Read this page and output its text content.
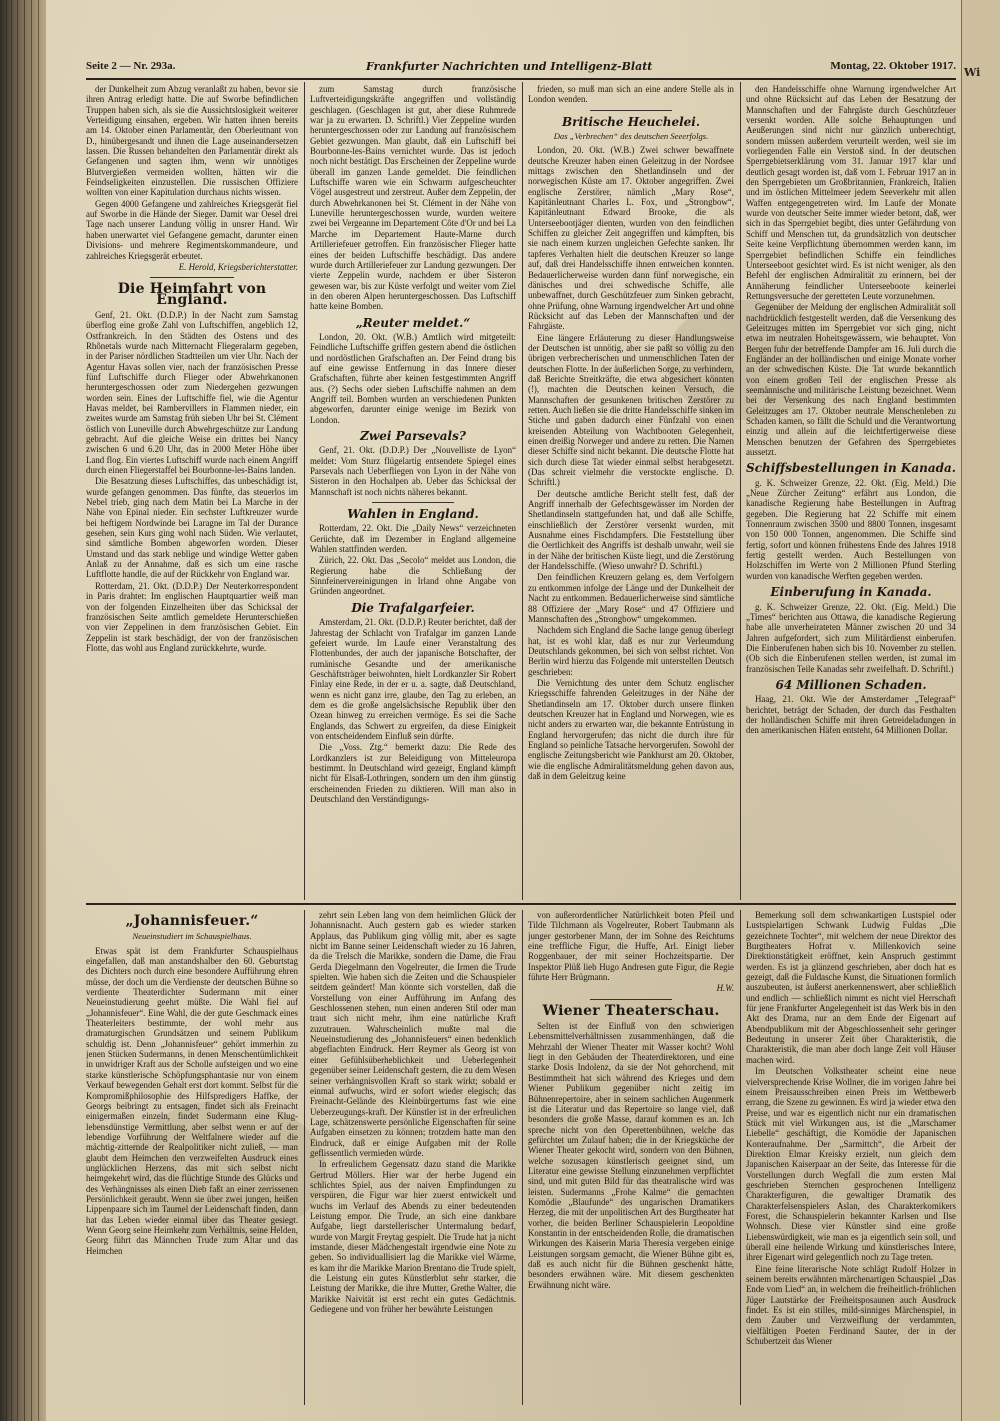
Seite 2 — Nr. 293a.	Frankfurter Nachrichten und Intelligenz-Blatt	Montag, 22. Oktober 1917.

der Dunkelheit zum Abzug veranlaßt zu haben, bevor sie ihren Antrag erledigt hatte. Die auf Sworbe befindlichen Truppen haben sich, als sie die Aussichtslosigkeit weiterer Verteidigung einsahen, ergeben. Wir hatten ihnen bereits am 14. Oktober einen Parlamentär, den Oberleutnant von D., hinübergesandt und ihnen die Lage auseinandersetzen lassen. Die Russen behandelten den Parlamentär direkt als Gefangenen und sagten ihm, wenn wir unnötiges Blutvergießen vermeiden wollten, hätten wir die Feindseligkeiten einzustellen. Die russischen Offiziere wollten von einer Kapitulation durchaus nichts wissen.

Gegen 4000 Gefangene und zahlreiches Kriegsgerät fiel auf Sworbe in die Hände der Sieger. Damit war Oesel drei Tage nach unserer Landung völlig in unsrer Hand. Wir haben unerwartet viel Gefangene gemacht, darunter einen Divisions- und mehrere Regimentskommandeure, und zahlreiches Kriegsgerät erbeutet.

E. Herold, Kriegsberichterstatter.

Die Heimfahrt von England.

Genf, 21. Okt. (D.D.P.) In der Nacht zum Samstag überflog eine große Zahl von Luftschiffen, angeblich 12, Ostfrankreich. In den Städten des Ostens und des Rhônetals wurde nach Mitternacht Fliegeralarm gegeben, in der Pariser nördlichen Stadtteilen um vier Uhr. Nach der Agentur Havas sollen vier, nach der französischen Presse fünf Luftschiffe durch Flieger oder Abwehrkanonen heruntergeschossen oder zum Niedergehen gezwungen worden sein. Eines der Luftschiffe fiel, wie die Agentur Havas meldet, bei Rambervillers in Flammen nieder, ein zweites wurde am Samstag früh sieben Uhr bei St. Clément östlich von Luneville durch Abwehrgeschütze zur Landung gebracht. Auf die gleiche Weise ein drittes bei Nancy zwischen 6 und 6.20 Uhr, das in 2000 Meter Höhe über Land flog. Ein viertes Luftschiff wurde nach einem Angriff durch einen Fliegerstaffel bei Bourbonne-les-Bains landen.

Die Besatzung dieses Luftschiffes, das unbeschädigt ist, wurde gefangen genommen. Das fünfte, das steuerlos im Nebel trieb, ging nach dem Matin bei La Marche in der Nähe von Epinal nieder. Ein sechster Luftkreuzer wurde bei heftigem Nordwinde bei Laragne im Tal der Durance gesehen, sein Kurs ging wohl nach Süden. Wie verlautet, sind sämtliche Bomben abgeworfen worden. Dieser Umstand und das stark neblige und windige Wetter gaben Anlaß zu der Annahme, daß es sich um eine rasche Luftflotte handle, die auf der Rückkehr von England war.

Rotterdam, 21. Okt. (D.D.P.) Der Neuterkorrespondent in Paris drahtet: Im englischen Hauptquartier weiß man von der folgenden Einzelheiten über das Schicksal der französischen Seite amtlich gemeldete Herunterschießen von vier Zeppelinen in dem französischen Gebiet. Ein Zeppelin ist stark beschädigt, der von der französischen Flotte, das wohl aus England zurückkehrte, wurde.

zum Samstag durch französische Luftverteidigungskräfte angegriffen und vollständig geschlagen. (Geschlagen ist gut, aber diese Ruhmrede war ja zu erwarten. D. Schriftl.) Vier Zeppeline wurden heruntergeschossen oder zur Landung auf französischem Gebiet gezwungen. Man glaubt, daß ein Luftschiff bei Bourbonne-les-Bains vernichtet wurde. Das ist jedoch noch nicht bestätigt. Das Erscheinen der Zeppeline wurde überall im ganzen Lande gemeldet. Die feindlichen Luftschiffe waren wie ein Schwarm aufgescheuchter Vögel ausgestreut und zerstreut. Außer dem Zeppelin, der durch Abwehrkanonen bei St. Clément in der Nähe von Luneville heruntergeschossen wurde, wurden weitere zwei bei Vergeanne im Departement Côte d'Or und bei La Marche im Departement Haute-Marne durch Artilleriefeuer getroffen. Ein französischer Flieger hatte eines der beiden Luftschiffe beschädigt. Das andere wurde durch Artilleriefeuer zur Landung gezwungen. Der vierte Zeppelin wurde, nachdem er über Sisteron gewesen war, bis zur Küste verfolgt und weiter vom Ziel in den oberen Alpen heruntergeschossen. Das Luftschiff hatte keine Bomben.

„Reuter meldet.“

London, 20. Okt. (W.B.) Amtlich wird mitgeteilt: Feindliche Luftschiffe griffen gestern abend die östlichen und nordöstlichen Grafschaften an. Der Feind drang bis auf eine gewisse Entfernung in das Innere dieser Grafschaften, führte aber keinen festgestimmten Angriff aus. (?) Sechs oder sieben Luftschiffe nahmen an dem Angriff teil. Bomben wurden an verschiedenen Punkten abgeworfen, darunter einige wenige im Bezirk von London.

Zwei Parsevals?

Genf, 21. Okt. (D.D.P.) Der „Nouvelliste de Lyon“ meldet: Vom Sturz flügelartig entsendete Spiegel eines Parsevals nach Ueberfliegen von Lyon in der Nähe von Sisteron in den Hochalpen ab. Ueber das Schicksal der Mannschaft ist noch nichts näheres bekannt.

Wahlen in England.

Rotterdam, 22. Okt. Die „Daily News“ verzeichneten Gerüchte, daß im Dezember in England allgemeine Wahlen stattfinden werden.

Zürich, 22. Okt. Das „Secolo“ meldet aus London, die Regierung habe die Schließung der Sinnfeinervereinigungen in Irland ohne Angabe von Gründen angeordnet.

Die Trafalgarfeier.

Amsterdam, 21. Okt. (D.D.P.) Reuter berichtet, daß der Jahrestag der Schlacht von Trafalgar im ganzen Lande gefeiert wurde. Im Laufe einer Veranstaltung des Flottenbundes, der auch der japanische Botschafter, der rumänische Gesandte und der amerikanische Geschäftsträger beiwohnten, hielt Lordkanzler Sir Robert Finlay eine Rede, in der er u. a. sagte, daß Deutschland, wenn es nicht ganz irre, glaube, den Tag zu erleben, an dem es die große angelsächsische Republik über den Ozean hinweg zu erreichen vermöge. Es sei die Sache Englands, das Schwert zu ergreifen, da diese Einigkeit von entscheidendem Einfluß sein dürfte.

Die „Voss. Ztg.“ bemerkt dazu: Die Rede des Lordkanzlers ist zur Beleidigung von Mitteleuropa bestimmt. In Deutschland wird gezeigt, England kämpft nicht für Elsaß-Lothringen, sondern um den ihm günstig erscheinenden Frieden zu diktieren. Will man also in Deutschland den Verständigungs-

frieden, so muß man sich an eine andere Stelle als in London wenden.

Britische Heuchelei.

Das „Verbrechen“ des deutschen Seeerfolgs.

London, 20. Okt. (W.B.) Zwei schwer bewaffnete deutsche Kreuzer haben einen Geleitzug in der Nordsee mittags zwischen den Shetlandinseln und der norwegischen Küste am 17. Oktober angegriffen. Zwei englische Zerstörer, nämlich „Mary Rose“, Kapitänleutnant Charles L. Fox, und „Strongbow“, Kapitänleutnant Edward Brooke, die als Unterseebootjäger dienten, wurden von den feindlichen Schiffen zu gleicher Zeit angegriffen und kämpften, bis sie nach einem kurzen ungleichen Gefechte sanken. Ihr tapferes Verhalten hielt die deutschen Kreuzer so lange auf, daß drei Handelsschiffe ihnen entweichen konnten. Bedauerlicherweise wurden dann fünf norwegische, ein dänisches und drei schwedische Schiffe, alle unbewaffnet, durch Geschützfeuer zum Sinken gebracht, ohne Prüfung, ohne Warnung irgendwelcher Art und ohne Rücksicht auf das Leben der Mannschaften und der Fahrgäste.

Eine längere Erläuterung zu dieser Handlungsweise der Deutschen ist unnötig, aber sie paßt so völlig zu den übrigen verbrecherischen und unmenschlichen Taten der deutschen Flotte. In der äußerlichen Sorge, zu verhindern, daß Berichte Streitkräfte, die etwa abgesichert könnten (!), machten die Deutschen keinen Versuch, die Mannschaften der gesunkenen britischen Zerstörer zu retten. Auch ließen sie die dritte Handelsschiffe sinken im Stiche und gaben dadurch einer Fünfzahl von einen kreisenden Abteilung von Wachtbooten Gelegenheit, einen dreißig Norweger und andere zu retten. Die Namen dieser Schiffe sind nicht bekannt. Die deutsche Flotte hat sich durch diese Tat wieder einmal selbst herabgesetzt. (Das schreit vielmehr die verstockte englische. D. Schriftl.)

Der deutsche amtliche Bericht stellt fest, daß der Angriff innerhalb der Gefechtsgewässer im Norden der Shetlandinseln stattgefunden hat, und daß alle Schiffe, einschließlich der Zerstörer versenkt wurden, mit Ausnahme eines Fischdampfers. Die Feststellung über die Oertlichkeit des Angriffs ist deshalb unwahr, weil sie in der Nähe der britischen Küste liegt, und die Zerstörung der Handelsschiffe. (Wieso unwahr? D. Schriftl.)

Den feindlichen Kreuzern gelang es, dem Verfolgern zu entkommen infolge der Länge und der Dunkelheit der Nacht zu entkommen. Bedauerlicherweise sind sämtliche 88 Offiziere der „Mary Rose“ und 47 Offiziere und Mannschaften des „Strongbow“ umgekommen.

Nachdem sich England die Sache lange genug überlegt hat, ist es wohl klar, daß es nur zur Verleumdung Deutschlands gekommen, bei sich von selbst richtet. Von Berlin wird hierzu das Folgende mit unterstellen Deutsch geschrieben:

Die Vernichtung des unter dem Schutz englischer Kriegsschiffe fahrenden Geleitzuges in der Nähe der Shetlandinseln am 17. Oktober durch unsere flinken deutschen Kreuzer hat in England und Norwegen, wie es nicht anders zu erwarten war, die bekannte Entrüstung in England hervorgerufen; das nicht die durch ihre für England so peinliche Tatsache hervorgerufen. Sowohl der englische Zeitungsbericht wie Pankhurst am 20. Oktober, wie die englische Admiralitätsmeldung gehen davon aus, daß in dem Geleitzug keine

den Handelsschiffe ohne Warnung irgendwelcher Art und ohne Rücksicht auf das Leben der Besatzung der Mannschaften und der Fahrgäste durch Geschützfeuer versenkt worden. Alle solche Behauptungen und Aeußerungen sind nicht nur gänzlich unberechtigt, sondern müssen außerdem verurteilt werden, weil sie im vorliegenden Falle ein Verstoß sind. In der deutschen Sperrgebietserklärung vom 31. Januar 1917 klar und deutlich gesagt worden ist, daß vom 1. Februar 1917 an in den Sperrgebieten um Großbritannien, Frankreich, Italien und im östlichen Mittelmeer jedem Seeverkehr mit allen Waffen entgegengetreten wird. Im Laufe der Monate wurde von deutscher Seite immer wieder betont, daß, wer sich in das Sperrgebiet begibt, dies unter Gefährdung von Schiff und Menschen tut, da grundsätzlich von deutscher Seite keine Verpflichtung übernommen werden kann, im Sperrgebiet befindlichen Schiffe ein feindliches Unterseeboot gesichtet wird. Es ist nicht weniger, als den Befehl der englischen Admiralität zu erinnern, bei der Annäherung feindlicher Unterseeboote keinerlei Rettungsversuche der geretteten Leute vorzunehmen.

Gegenüber der Meldung der englischen Admiralität soll nachdrücklich festgestellt werden, daß die Versenkung des Geleitzuges mitten im Sperrgebiet vor sich ging, nicht etwa im neutralen Hoheitsgewässern, wie behauptet. Von Bergen fuhr der betreffende Dampfer am 16. Juli durch die Engländer an der holländischen und einige Monate vorher an der schwedischen Küste. Die Tat wurde bekanntlich von einem großen Teil der englischen Presse als seemännische und militärische Leistung bezeichnet. Wenn bei der Versenkung des nach England bestimmten Geleitzuges am 17. Oktober neutrale Menschenleben zu Schaden kamen, so fällt die Schuld und die Verantwortung einzig und allein auf die leichtfertigerweise diese Menschen benutzen der Gefahren des Sperrgebietes aussetzt.

Schiffsbestellungen in Kanada.

g. K. Schweizer Grenze, 22. Okt. (Eig. Meld.) Die „Neue Zürcher Zeitung“ erfährt aus London, die kanadische Regierung habe Bestellungen in Auftrag gegeben. Die Regierung hat 22 Schiffe mit einem Tonnenraum zwischen 3500 und 8800 Tonnen, insgesamt von 150 000 Tonnen, angenommen. Die Schiffe sind fertig, sofort und können frühestens Ende des Jahres 1918 fertig gestellt werden. Auch Bestellungen von Holzschiffen im Werte von 2 Millionen Pfund Sterling wurden von kanadische Werften gegeben werden.

Einberufung in Kanada.

g. K. Schweizer Grenze, 22. Okt. (Eig. Meld.) Die „Times“ berichten aus Ottawa, die kanadische Regierung habe alle unverheirateten Männer zwischen 20 und 34 Jahren aufgefordert, sich zum Militärdienst einberufen. Die Einberufenen haben sich bis 10. November zu stellen. (Ob sich die Einberufenen stellen werden, ist zumal im französischen Teile Kanadas sehr zweifelhaft. D. Schriftl.)

64 Millionen Schaden.

Haag, 21. Okt. Wie der Amsterdamer „Telegraaf“ berichtet, beträgt der Schaden, der durch das Festhalten der holländischen Schiffe mit ihren Getreideladungen in den amerikanischen Häfen entsteht, 64 Millionen Dollar.

„Johannisfeuer.“

Neueinstudiert im Schauspielhaus.

Etwas spät ist dem Frankfurter Schauspielhaus eingefallen, daß man anstandshalber den 60. Geburtstag des Dichters noch durch eine besondere Aufführung ehren müsse, der doch um die Verdienste der deutschen Bühne so verdiente Theaterdichter Sudermann mit einer Neueinstudierung geehrt müßte. Die Wahl fiel auf „Johannisfeuer“. Eine Wahl, die der gute Geschmack eines Theaterleiters bestimmte, der wohl mehr aus dramaturgischen Grundsätzen und seinem Publikum schuldig ist. Denn „Johannisfeuer“ gehört immerhin zu jenen Stücken Sudermanns, in denen Menschentümlichkeit in unwidriger Kraft aus der Scholle aufsteigen und wo eine starke künstlerische Schöpfungsphantasie nur von einem Verkauf bewegenden Gehalt erst dort kommt. Selbst für die Kompromißphilosophie des Hilfspredigers Haffke, der Georgs beibringt zu entsagen, findet sich als Freinacht einigermaßen einzeln, findet Sudermann eine Klug-lebensdünstige Vermittlung, aber selbst wenn er auf der lebendige Vorführung der Weltfalnere wieder auf die mächtig-zitternde der Realpolitiker nicht zuließ, — man glaubt dem Heimchen den verzweifelten Ausdruck eines unglücklichen Herzens, das mit sich selbst nicht heimgekehrt wird, das die flüchtige Stunde des Glücks und des Verhängnisses als einen Dieb faßt an einer zerrissenen Persönlichkeit geraubt. Wenn sie über zwei jungen, heißen Lippenpaare sich im Taumel der Leidenschaft finden, dann hat das Leben wieder einmal über das Theater gesiegt. Wenn Georg seine Heimkehr zum Verhältnis, seine Helden, Georg führt das Männchen Trude zum Altar und das Heimchen

zehrt sein Leben lang von dem heimlichen Glück der Johannisnacht. Auch gestern gab es wieder starken Applaus, das Publikum ging völlig mit, aber es sagte nicht im Banne seiner Leidenschaft wieder zu 16 Jahren, da die Trelsch die Marikke, sondern die Dame, die Frau Gerda Diegelmann den Vogelreuter, die Irmen die Trude spielten. Wie haben sich die Zeiten und die Schauspieler seitdem geändert! Man könnte sich vorstellen, daß die Vorstellung von einer Aufführung im Anfang des Geschlossenen stehen, nun einen anderen Stil oder man traut sich nicht mehr, ihm eine natürliche Kraft zuzutrauen. Wahrscheinlich mußte mal die Neueinstudierung des „Johannisfeuers“ einen bedenklich abgeflachten Eindruck. Herr Reymer als Georg ist von einer Gefühlsüberheblichkeit und Ueberlegenheit gegenüber seiner Leidenschaft gestern, die zu dem Wesen seiner verhängnisvollen Kraft so stark wirkt; sobald er einmal aufwuchs, wird er sofort wieder elegisch; das Freinacht-Gelände des Kleinbürgertums fast wie eine Ueberzeugungs-kraft. Der Künstler ist in der erfreulichen Lage, schätzenswerte persönliche Eigenschaften für seine Aufgaben einsetzen zu können; trotzdem hatte man den Eindruck, daß er einige Aufgaben mit der Rolle geflissentlich vermieden würde.

In erfreulichem Gegensatz dazu stand die Marikke Gertrud Möllers. Hier war der herbe Jugend ein schlichtes Spiel, aus der naiven Empfindungen zu verspüren, die Figur war hier zuerst entwickelt und wuchs im Verlauf des Abends zu einer bedeutenden Leistung empor. Die Trude, an sich eine dankbare Aufgabe, liegt darstellerischer Untermalung bedarf, wurde von Margit Freytag gespielt. Die Trude hat ja nicht imstande, dieser Mädchengestalt irgendwie eine Note zu geben. So individuallisiert lag die Marikke viel Wärme, es kam ihr die Marikke Marion Brentano die Trude spielt, die Leistung ein gutes Künstlerblut sehr starker, die Leistung der Marikke, die ihre Mutter, Grethe Walter, die Marikke Naivität ist erst recht ein gutes Gedächtnis. Gediegene und von früher her bewährte Leistungen

von außerordentlicher Natürlichkeit boten Pfeil und Tilde Tilchmann als Vogelreuter, Robert Taubmann als junger gestorbener Mann, der im Sohne des Reichtums eine treffliche Figur, die Huffe, Arl. Einigt lieber Roggenbauer, der mit seiner Hochzeitspartie. Der Inspektor Plüß lieb Hugo Andresen gute Figur, die Regie führte Herr Brügmann.

H.W.

Wiener Theaterschau.

Selten ist der Einfluß von den schwierigen Lebensmittelverhältnissen zusammenhängen, daß die Mehrzahl der Wiener Theater mit Wasser kocht? Wohl liegt in den Gebäuden der Theaterdirektoren, und eine starke Dosis Indolenz, da sie der Not gehorchend, mit Bestimmtheit hat sich während des Krieges und dem Wiener Publikum gegenüber nicht zeitig im Bühnenrepertoire, aber in seinem sachlichen Augenmerk ist die Literatur und das Repertoire so lange viel, daß besonders die große Masse, darauf kommen es an. Ich spreche nicht von den Operettenbühnen, welche das gefürchtet um Zulauf haben; die in der Kriegsküche der Wiener Theater gekocht wird, sondern von den Bühnen, welche sozusagen künstlerisch geeignet sind, um Literatur eine gewisse Stellung einzunehmen verpflichtet sind, und mit guten Bild für das theatralische wird was leisten. Sudermanns „Frohe Kalme“ die gemachten Komödie „Blaufunde“ des ungarischen Dramatikers Herzeg, die mit der unpolitischen Art des Burgtheater hat vorher, die beiden Berliner Schauspielerin Leopoldine Konstantin in der entscheidenden Rolle, die dramatischen Wirkungen des Kaiserin Maria Theresia vergeben einige Leistungen sorgsam gemacht, die Wiener Bühne gibt es, daß es auch nicht für die Bühnen geschenkt hätte, besonders erwähnen wäre. Mit diesem geschenkten Erwähnung nicht wäre.

Bemerkung soll dem schwankartigen Lustspiel oder Lustspielartigen Schwank Ludwig Fuldas „Die gezeichnete Tochter“, mit welchem der neue Direktor des Burgtheaters Hofrat v. Millenkovich seine Direktionstätigkeit eröffnet, kein Anspruch gestimmt werden. Es ist ja glänzend geschrieben, aber doch hat es gezeigt, daß die Fuldasche Kunst, die Situationen formlich auszubeuten, ist äußerst anerkennenswert, aber schließlich und endlich — schließlich nimmt es nicht viel Herrschaft für jene Frankfurter Angelegenheit ist das Werk bis in den Akt des Drama, nur an dem Ende der Eigenart auf Abendpublikum mit der Abgeschlossenheit sehr geringer Bedeutung in unserer Zeit über Charakteristik, die Charakteristik, die man aber doch lange Zeit voll Häuser machen wird.

Im Deutschen Volkstheater scheint eine neue vielversprechende Krise Wollner, die im vorigen Jahre bei einem Preisausschreiben einen Preis im Wettbewerb errang, die Szene zu gewinnen. Es wird ja wieder etwa den Preise, und war es eigentlich nicht nur ein dramatischen Stück mit viel Wirkungen aus, ist die „Marschamer Liebelle“ geschäftigt, die Komödie der Japanischen Konteraufnahme. Der „Sarmittch“, die Arbeit der Direktion Elmar Kreisky erzielt, nun gleich dem Japanischen Kaiserpaar an der Seite, das Interesse für die Vorstellungen durch Wegfall die zum ersten Mal geschrieben Sternchen gesprochenen Intelligenz Charakterfiguren, die gewaltiger Dramatik des Charakterfelsenspielers Aslan, des Charakterkomikers Forest, die Schauspielerin bekannter Karlsen und Ilse Wohnsch. Diese vier Künstler sind eine große Liebenswürdigkeit, wie man es ja eigentlich sein soll, und überall eine heilende Wirkung und künstlerisches Intere, ihrer Eigenart wird gelegentlich noch zu Tage treten.

Eine feine literarische Note schlägt Rudolf Holzer in seinem bereits erwähnten märchenartigen Schauspiel „Das Ende vom Lied“ an, in welchem die freiheitlich-fröhlichen Jüger Lautstärke der Freiheitsposaunen auch Ausdruck findet. Es ist ein stilles, mild-sinniges Märchenspiel, in dem Zauber und Verzweiflung der verdammten, vielfältigen Poeten Ferdinand Sauter, der in der Schubertzeit das Wiener

Wi
